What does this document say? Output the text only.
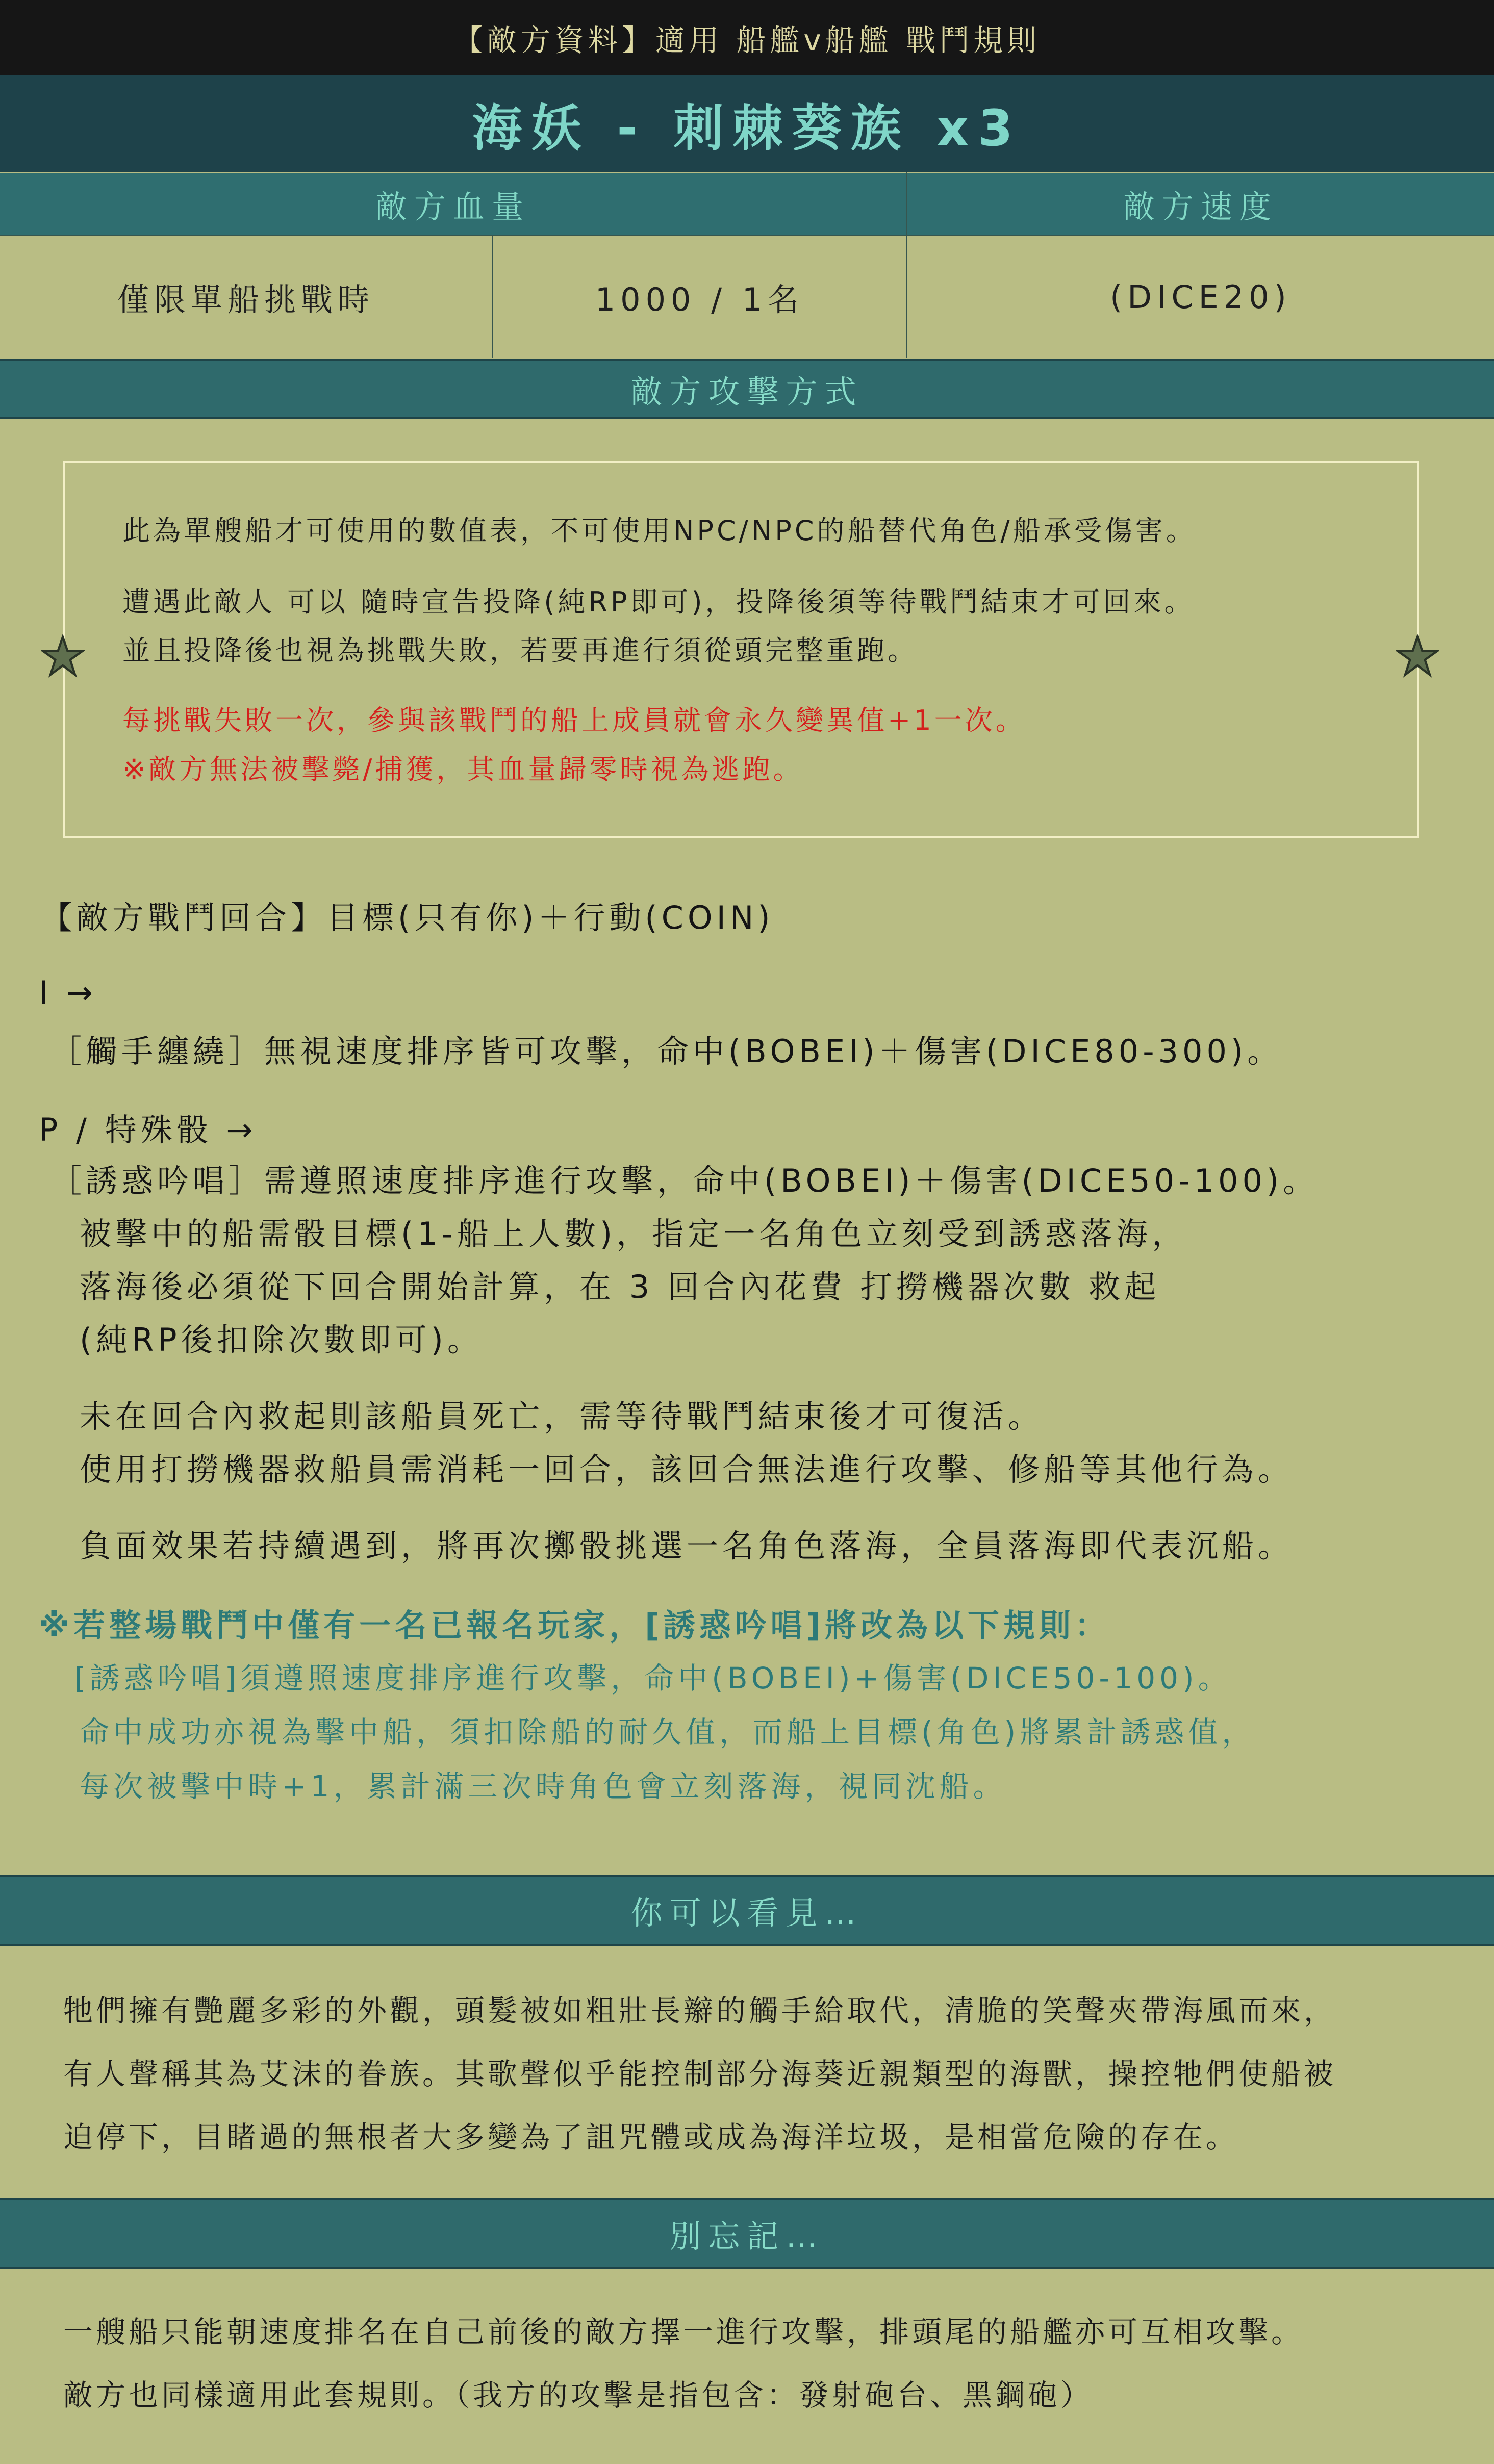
【敵方資料】適用 船艦v船艦 戰鬥規則
海妖 - 刺棘葵族 x3
敵方血量	敵方速度
僅限單船挑戰時	1000 / 1名	(DICE20)
敵方攻擊方式

此為單艘船才可使用的數值表，不可使用NPC/NPC的船替代角色/船承受傷害。

遭遇此敵人 可以 隨時宣告投降(純RP即可)，投降後須等待戰鬥結束才可回來。

並且投降後也視為挑戰失敗，若要再進行須從頭完整重跑。

每挑戰失敗一次，參與該戰鬥的船上成員就會永久變異值+1一次。

※敵方無法被擊斃/捕獲，其血量歸零時視為逃跑。

【敵方戰鬥回合】目標(只有你)＋行動(COIN)

I →

［觸手纏繞］無視速度排序皆可攻擊，命中(BOBEI)＋傷害(DICE80-300)。

P / 特殊骰 →

［誘惑吟唱］需遵照速度排序進行攻擊，命中(BOBEI)＋傷害(DICE50-100)。

被擊中的船需骰目標(1-船上人數)，指定一名角色立刻受到誘惑落海，

落海後必須從下回合開始計算，在 3 回合內花費 打撈機器次數 救起

(純RP後扣除次數即可)。

未在回合內救起則該船員死亡，需等待戰鬥結束後才可復活。

使用打撈機器救船員需消耗一回合，該回合無法進行攻擊、修船等其他行為。

負面效果若持續遇到，將再次擲骰挑選一名角色落海，全員落海即代表沉船。

※若整場戰鬥中僅有一名已報名玩家，[誘惑吟唱]將改為以下規則：

[誘惑吟唱]須遵照速度排序進行攻擊，命中(BOBEI)+傷害(DICE50-100)。

命中成功亦視為擊中船，須扣除船的耐久值，而船上目標(角色)將累計誘惑值，

每次被擊中時+1，累計滿三次時角色會立刻落海，視同沈船。

你可以看見…

牠們擁有艷麗多彩的外觀，頭髮被如粗壯長辮的觸手給取代，清脆的笑聲夾帶海風而來，

有人聲稱其為艾沫的眷族。其歌聲似乎能控制部分海葵近親類型的海獸，操控牠們使船被

迫停下，目睹過的無根者大多變為了詛咒體或成為海洋垃圾，是相當危險的存在。

別忘記…

一艘船只能朝速度排名在自己前後的敵方擇一進行攻擊，排頭尾的船艦亦可互相攻擊。

敵方也同樣適用此套規則。（我方的攻擊是指包含：發射砲台、黑鋼砲）
